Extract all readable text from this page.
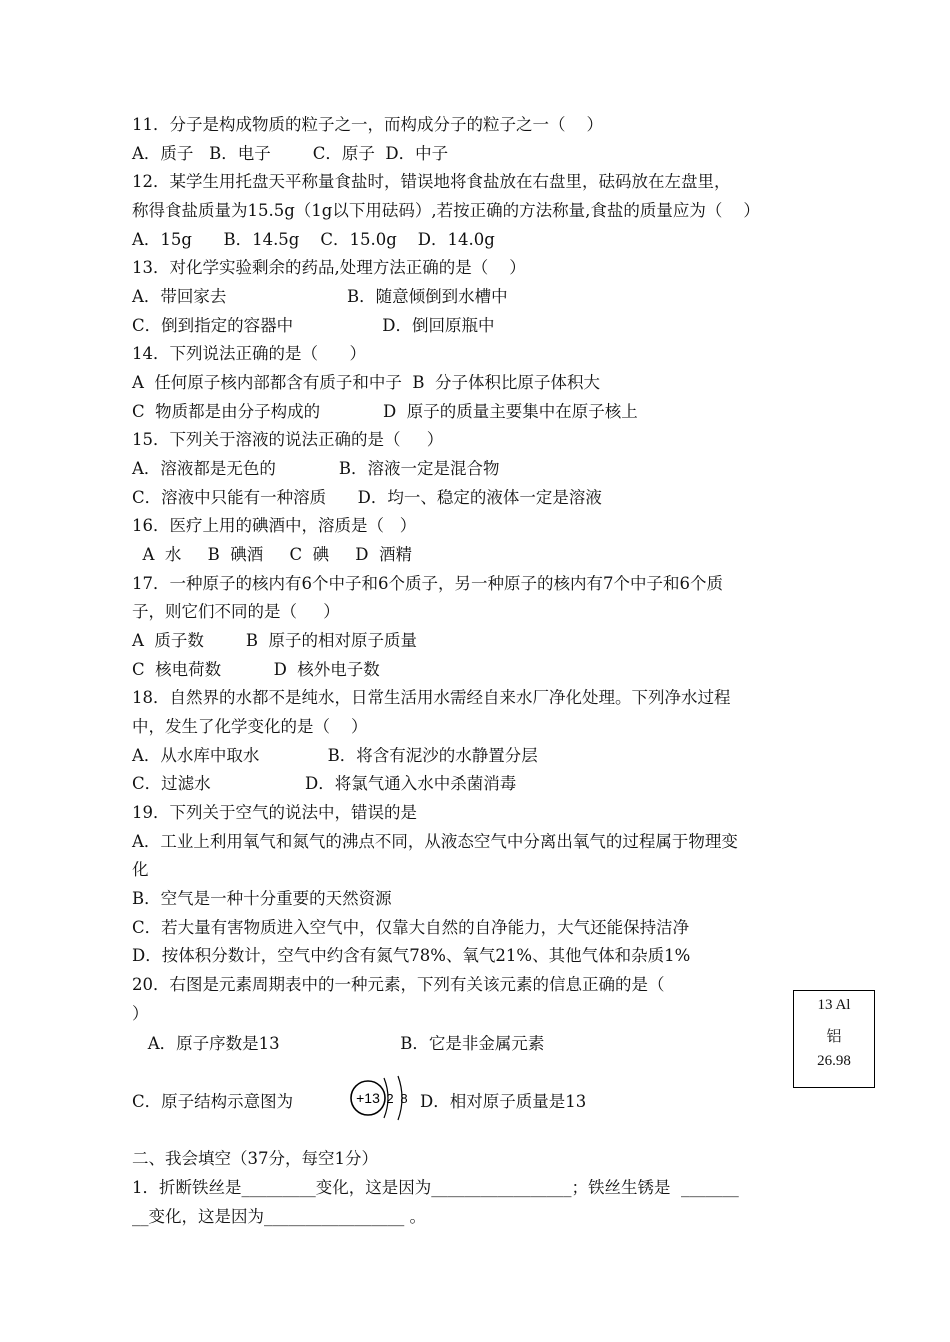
11．分子是构成物质的粒子之一，而构成分子的粒子之一（    ）
A．质子   B．电子        C．原子  D．中子
12．某学生用托盘天平称量食盐时，错误地将食盐放在右盘里，砝码放在左盘里，
称得食盐质量为15.5g（1g以下用砝码）,若按正确的方法称量,食盐的质量应为（    ）
A．15g      B．14.5g    C．15.0g    D．14.0g
13．对化学实验剩余的药品,处理方法正确的是（    ）
A．带回家去                       B．随意倾倒到水槽中
C．倒到指定的容器中                 D．倒回原瓶中
14．下列说法正确的是（      ）
A  任何原子核内部都含有质子和中子  B  分子体积比原子体积大
C  物质都是由分子构成的            D  原子的质量主要集中在原子核上
15．下列关于溶液的说法正确的是（     ）
A．溶液都是无色的            B．溶液一定是混合物
C．溶液中只能有一种溶质      D．均一、稳定的液体一定是溶液
16．医疗上用的碘酒中，溶质是（   ）
A  水     B  碘酒     C  碘     D  酒精
17．一种原子的核内有6个中子和6个质子，另一种原子的核内有7个中子和6个质
子，则它们不同的是（     ）
A  质子数        B  原子的相对原子质量
C  核电荷数          D  核外电子数
18．自然界的水都不是纯水，日常生活用水需经自来水厂净化处理。下列净水过程
中，发生了化学变化的是（    ）
A．从水库中取水             B．将含有泥沙的水静置分层
C．过滤水                  D．将氯气通入水中杀菌消毒
19．下列关于空气的说法中，错误的是
A．工业上利用氧气和氮气的沸点不同，从液态空气中分离出氧气的过程属于物理变
化
B．空气是一种十分重要的天然资源
C．若大量有害物质进入空气中，仅靠大自然的自净能力，大气还能保持洁净
D．按体积分数计，空气中约含有氮气78%、氧气21%、其他气体和杂质1%
20．右图是元素周期表中的一种元素，下列有关该元素的信息正确的是（
）
A．原子序数是13                       B．它是非金属元素
C．原子结构示意图为	D．相对原子质量是13
二、我会填空（37分，每空1分）
1．折断铁丝是_________变化，这是因为_________________；铁丝生锈是  _______
__变化，这是因为_________________ 。
13 Al
铝
26.98
+13 2 8
